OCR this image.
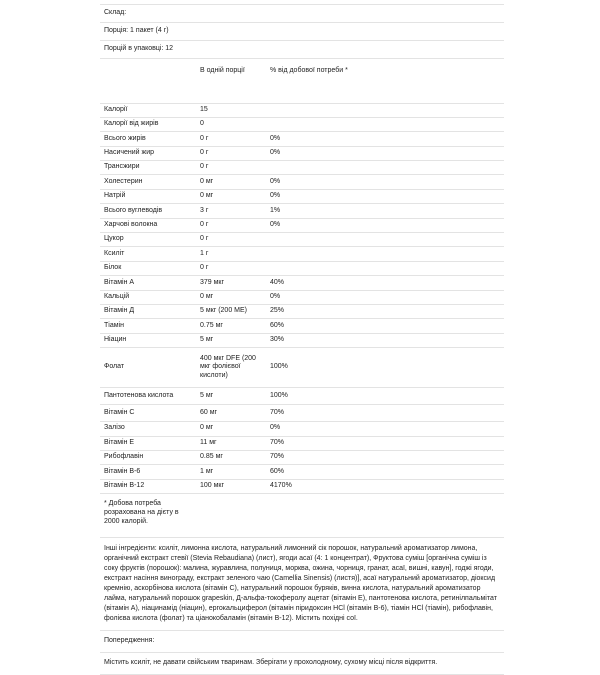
Склад:
Порція: 1 пакет (4 г)
Порцій в упаковці: 12
	В одній порції	% від добової потреби *
Калорії	15	
Калорії від жирів	0	
Всього жирів	0 г	0%
Насичений жир	0 г	0%
Трансжири	0 г	
Холестерин	0 мг	0%
Натрій	0 мг	0%
Всього вуглеводів	3 г	1%
Харчові волокна	0 г	0%
Цукор	0 г	
Ксиліт	1 г	
Білок	0 г	
Вітамін А	379 мкг	40%
Кальцій	0 мг	0%
Вітамін Д	5 мкг (200 МЕ)	25%
Тіамін	0.75 мг	60%
Ніацин	5 мг	30%
Фолат	400 мкг DFE (200 мкг фолієвої кислоти)	100%
Пантотенова кислота	5 мг	100%
Вітамін С	60 мг	70%
Залізо	0 мг	0%
Вітамін Е	11 мг	70%
Рибофлавін	0.85 мг	70%
Вітамін В-6	1 мг	60%
Вітамін В-12	100 мкг	4170%
* Добова потреба розрахована на дієту в 2000 калорій.		
Інші інгредієнти: ксиліт, лимонна кислота, натуральний лимонний сік порошок, натуральний ароматизатор лимона, органічний екстракт стевії (Stevia Rebaudiana) (лист), ягоди асаї (4: 1 концентрат), Фруктова суміш [органічна суміш із соку фруктів (порошок): малина, журавлина, полуниця, морква, ожина, чорниця, гранат, асаї, вишні, кавун], годжі ягоди, екстракт насіння винограду, екстракт зеленого чаю (Camellia Sinensis) (листя)], асаї натуральний ароматизатор, діоксид кремнію, аскорбінова кислота (вітамін С), натуральний порошок буряків, винна кислота, натуральний ароматизатор лайма, натуральний порошок grapeskin, Д-альфа-токоферолу ацетат (вітамін Е), пантотенова кислота, ретинілпальмітат (вітамін А), ніацинамід (ніацин), ергокальциферол (вітамін піридоксин HCl (вітамін В-6), тіамін HCl (тіамін), рибофлавін, фолієва кислота (фолат) та ціанокобаламін (вітамін В-12). Містить похідні сої.
Попередження:
Містить ксиліт, не давати свійським тваринам. Зберігати у прохолодному, сухому місці після відкриття.
